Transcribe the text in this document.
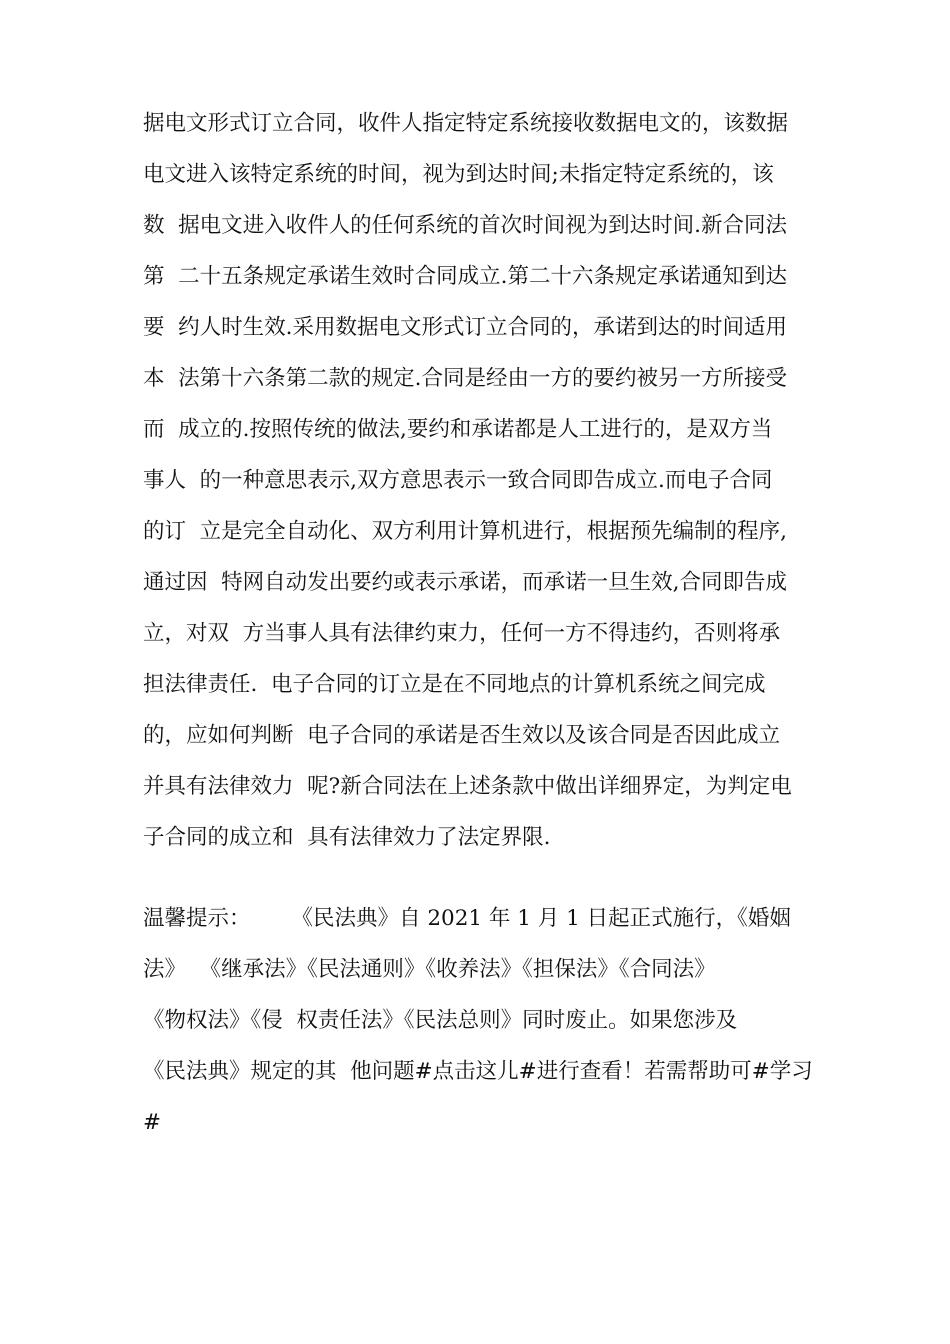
据电文形式订立合同，收件人指定特定系统接收数据电文的，该数据
电文进入该特定系统的时间，视为到达时间;未指定特定系统的，该
数  据电文进入收件人的任何系统的首次时间视为到达时间.新合同法
第  二十五条规定承诺生效时合同成立.第二十六条规定承诺通知到达
要  约人时生效.采用数据电文形式订立合同的，承诺到达的时间适用
本  法第十六条第二款的规定.合同是经由一方的要约被另一方所接受
而  成立的.按照传统的做法,要约和承诺都是人工进行的，是双方当
事人  的一种意思表示,双方意思表示一致合同即告成立.而电子合同
的订  立是完全自动化、双方利用计算机进行，根据预先编制的程序,
通过因  特网自动发出要约或表示承诺，而承诺一旦生效,合同即告成
立，对双  方当事人具有法律约束力，任何一方不得违约，否则将承
担法律责任.  电子合同的订立是在不同地点的计算机系统之间完成
的，应如何判断  电子合同的承诺是否生效以及该合同是否因此成立
并具有法律效力  呢?新合同法在上述条款中做出详细界定，为判定电
子合同的成立和  具有法律效力了法定界限.
温馨提示：      《民法典》自 2021 年 1 月 1 日起正式施行，《婚姻
法》  《继承法》《民法通则》《收养法》《担保法》《合同法》
《物权法》《侵  权责任法》《民法总则》同时废止。如果您涉及
《民法典》规定的其  他问题#点击这儿#进行查看！若需帮助可#学习
#
